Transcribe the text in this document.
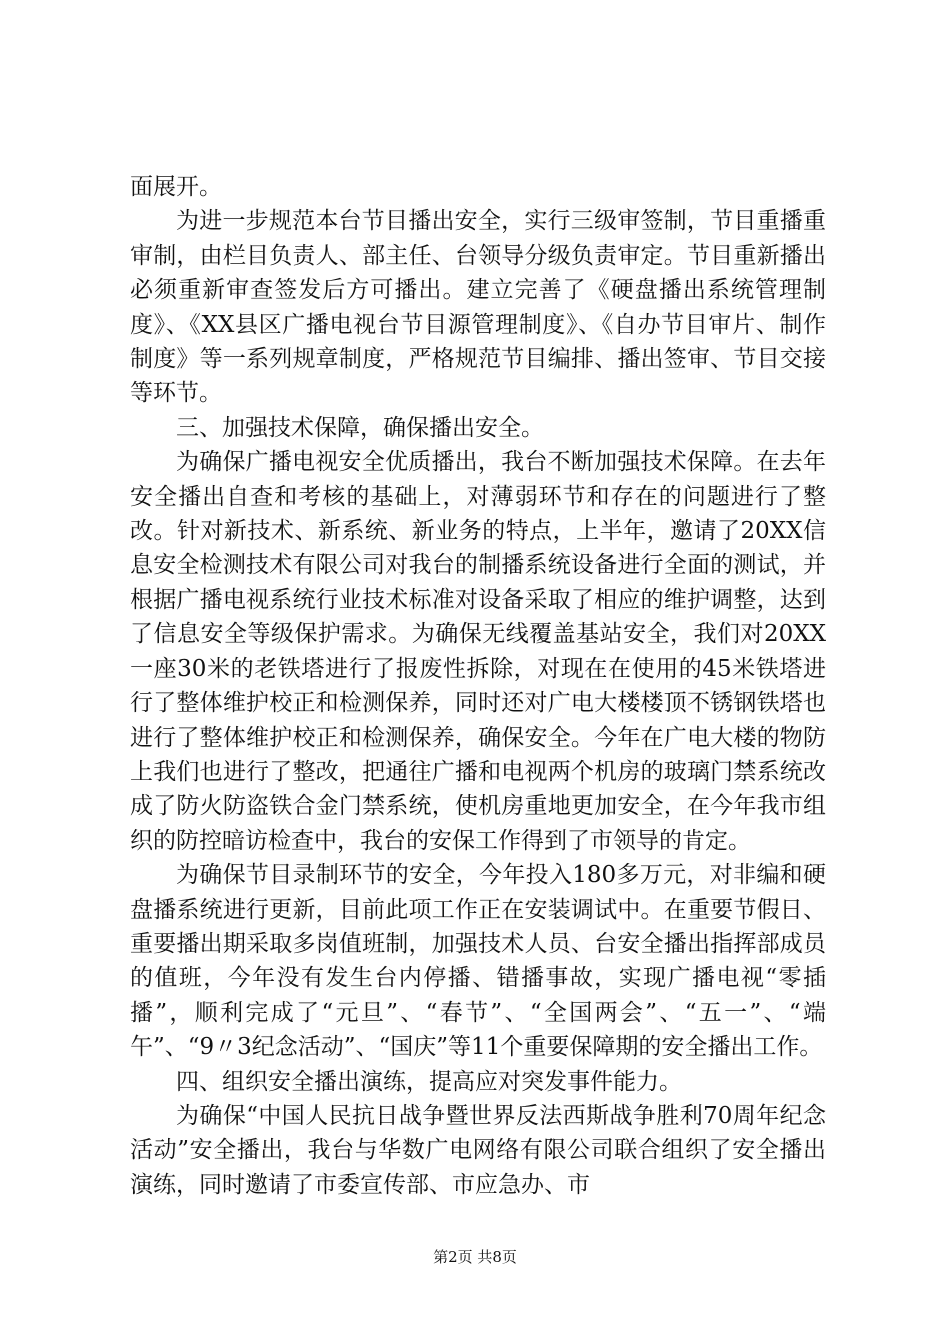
面展开。

为进一步规范本台节目播出安全，实行三级审签制，节目重播重审制，由栏目负责人、部主任、台领导分级负责审定。节目重新播出必须重新审查签发后方可播出。建立完善了《硬盘播出系统管理制度》、《XX县区广播电视台节目源管理制度》、《自办节目审片、制作制度》等一系列规章制度，严格规范节目编排、播出签审、节目交接等环节。

三、加强技术保障，确保播出安全。

为确保广播电视安全优质播出，我台不断加强技术保障。在去年安全播出自查和考核的基础上，对薄弱环节和存在的问题进行了整改。针对新技术、新系统、新业务的特点，上半年，邀请了20XX信息安全检测技术有限公司对我台的制播系统设备进行全面的测试，并根据广播电视系统行业技术标准对设备采取了相应的维护调整，达到了信息安全等级保护需求。为确保无线覆盖基站安全，我们对20XX一座30米的老铁塔进行了报废性拆除，对现在在使用的45米铁塔进行了整体维护校正和检测保养，同时还对广电大楼楼顶不锈钢铁塔也进行了整体维护校正和检测保养，确保安全。今年在广电大楼的物防上我们也进行了整改，把通往广播和电视两个机房的玻璃门禁系统改成了防火防盗铁合金门禁系统，使机房重地更加安全，在今年我市组织的防控暗访检查中，我台的安保工作得到了市领导的肯定。

为确保节目录制环节的安全，今年投入180多万元，对非编和硬盘播系统进行更新，目前此项工作正在安装调试中。在重要节假日、重要播出期采取多岗值班制，加强技术人员、台安全播出指挥部成员的值班，今年没有发生台内停播、错播事故，实现广播电视“零插播”，顺利完成了“元旦”、“春节”、“全国两会”、“五一”、“端午”、“9〃3纪念活动”、“国庆”等11个重要保障期的安全播出工作。

四、组织安全播出演练，提高应对突发事件能力。

为确保“中国人民抗日战争暨世界反法西斯战争胜利70周年纪念活动”安全播出，我台与华数广电网络有限公司联合组织了安全播出演练，同时邀请了市委宣传部、市应急办、市

第2页 共8页
